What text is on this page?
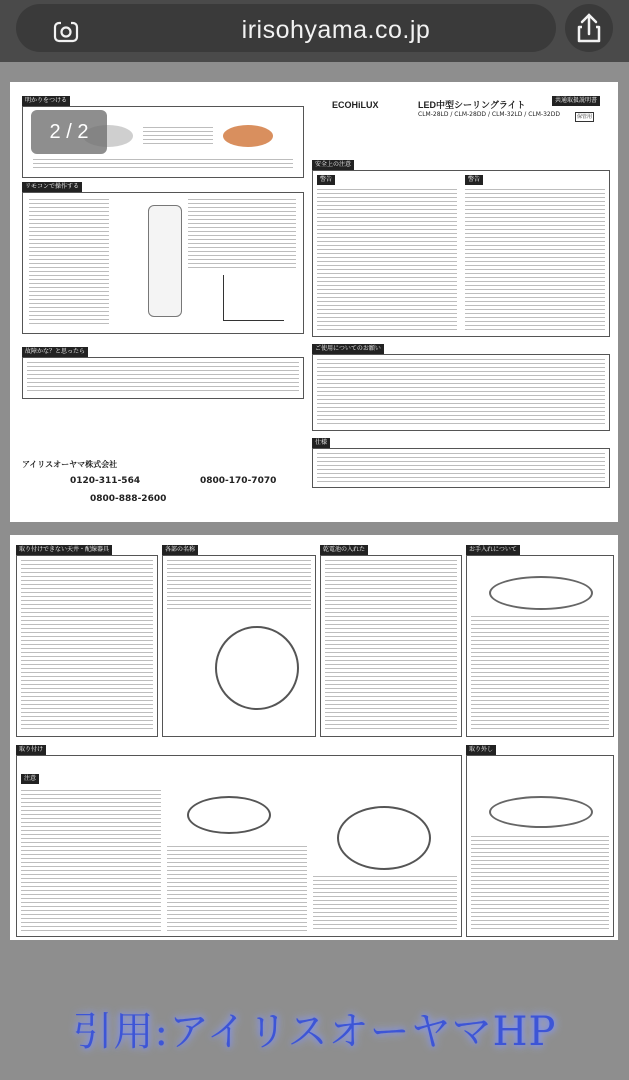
irisohyama.co.jp
明かりをつける
リモコンで操作する
故障かな？と思ったら
アイリスオーヤマ株式会社
0120-311-564	0800-170-7070
0800-888-2600
ECOHiLUX	LED中型シーリングライト
CLM-28LD / CLM-28DD / CLM-32LD / CLM-32DD
共通取扱説明書
保管用
安全上の注意
警告	警告
ご使用についてのお願い
仕様
取り付けできない天井・配線器具	各部の名称	乾電池の入れた	お手入れについて
取り付け
注意
取り外し
2 / 2
引用:アイリスオーヤマHP
